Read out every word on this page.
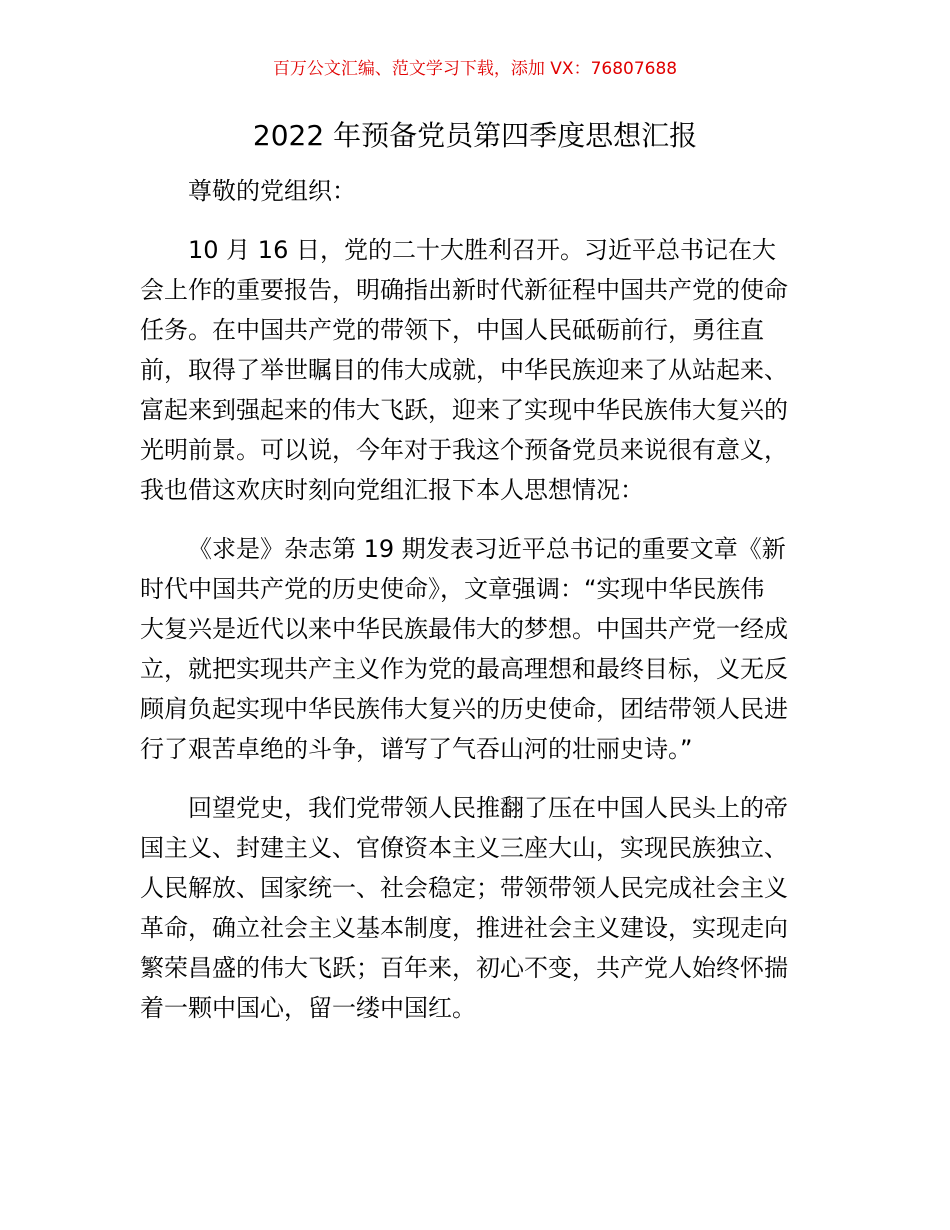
百万公文汇编、范文学习下载，添加 VX：76807688
2022 年预备党员第四季度思想汇报
尊敬的党组织：
10 月 16 日，党的二十大胜利召开。习近平总书记在大
会上作的重要报告，明确指出新时代新征程中国共产党的使命
任务。在中国共产党的带领下，中国人民砥砺前行，勇往直
前，取得了举世瞩目的伟大成就，中华民族迎来了从站起来、
富起来到强起来的伟大飞跃，迎来了实现中华民族伟大复兴的
光明前景。可以说，今年对于我这个预备党员来说很有意义，
我也借这欢庆时刻向党组汇报下本人思想情况：
《求是》杂志第 19 期发表习近平总书记的重要文章《新
时代中国共产党的历史使命》，文章强调：“实现中华民族伟
大复兴是近代以来中华民族最伟大的梦想。中国共产党一经成
立，就把实现共产主义作为党的最高理想和最终目标，义无反
顾肩负起实现中华民族伟大复兴的历史使命，团结带领人民进
行了艰苦卓绝的斗争，谱写了气吞山河的壮丽史诗。”
回望党史，我们党带领人民推翻了压在中国人民头上的帝
国主义、封建主义、官僚资本主义三座大山，实现民族独立、
人民解放、国家统一、社会稳定；带领带领人民完成社会主义
革命，确立社会主义基本制度，推进社会主义建设，实现走向
繁荣昌盛的伟大飞跃；百年来，初心不变，共产党人始终怀揣
着一颗中国心，留一缕中国红。
